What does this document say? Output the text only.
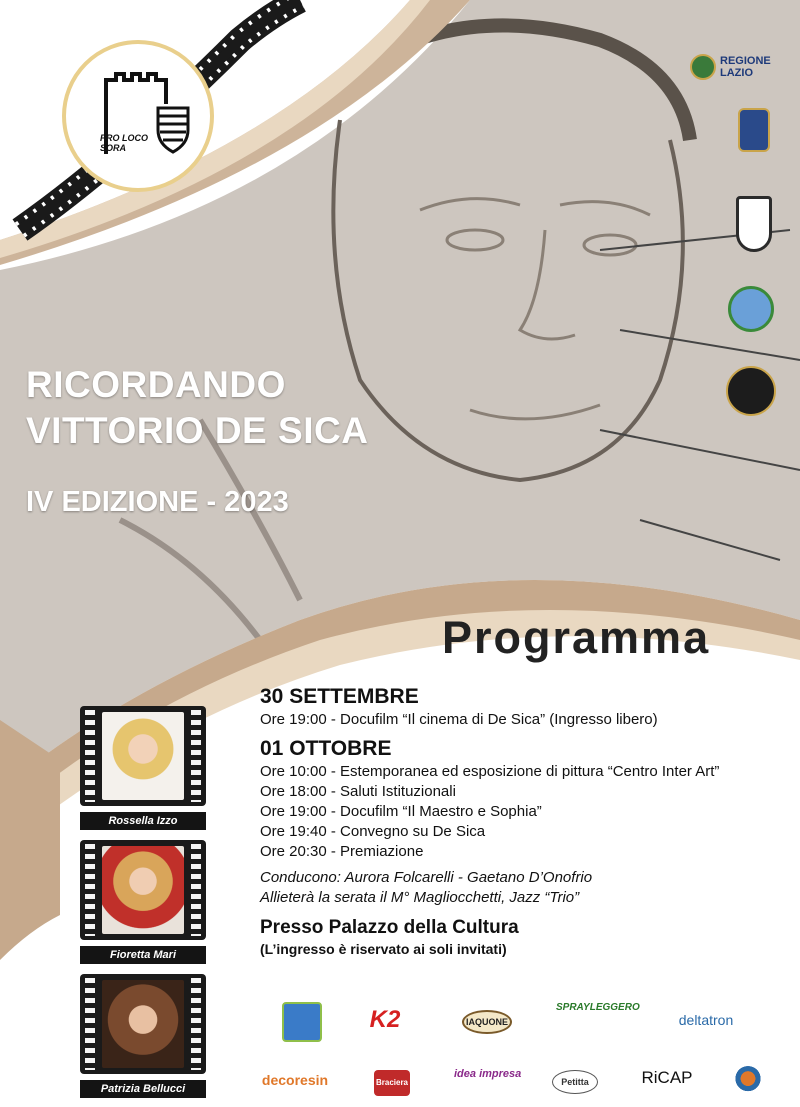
PRO LOCO SORA
REGIONE LAZIO
RICORDANDO
VITTORIO DE SICA
IV EDIZIONE - 2023
Programma
30 SETTEMBRE
Ore 19:00 - Docufilm “Il cinema di De Sica” (Ingresso libero)
01 OTTOBRE
Ore 10:00 - Estemporanea ed esposizione di pittura “Centro Inter Art”
Ore 18:00 - Saluti Istituzionali
Ore 19:00 - Docufilm “Il Maestro e Sophia”
Ore 19:40 - Convegno su De Sica
Ore 20:30 - Premiazione
Conducono: Aurora Folcarelli - Gaetano D’Onofrio
Allieterà la serata il M° Magliocchetti, Jazz “Trio”
Presso Palazzo della Cultura
(L’ingresso è riservato ai soli invitati)
Rossella Izzo
Fioretta Mari
Patrizia Bellucci
K2	IAQUONE
SPRAYLEGGERO
deltatron
decoresin	Braciera
idea impresa
Petitta	RiCAP
